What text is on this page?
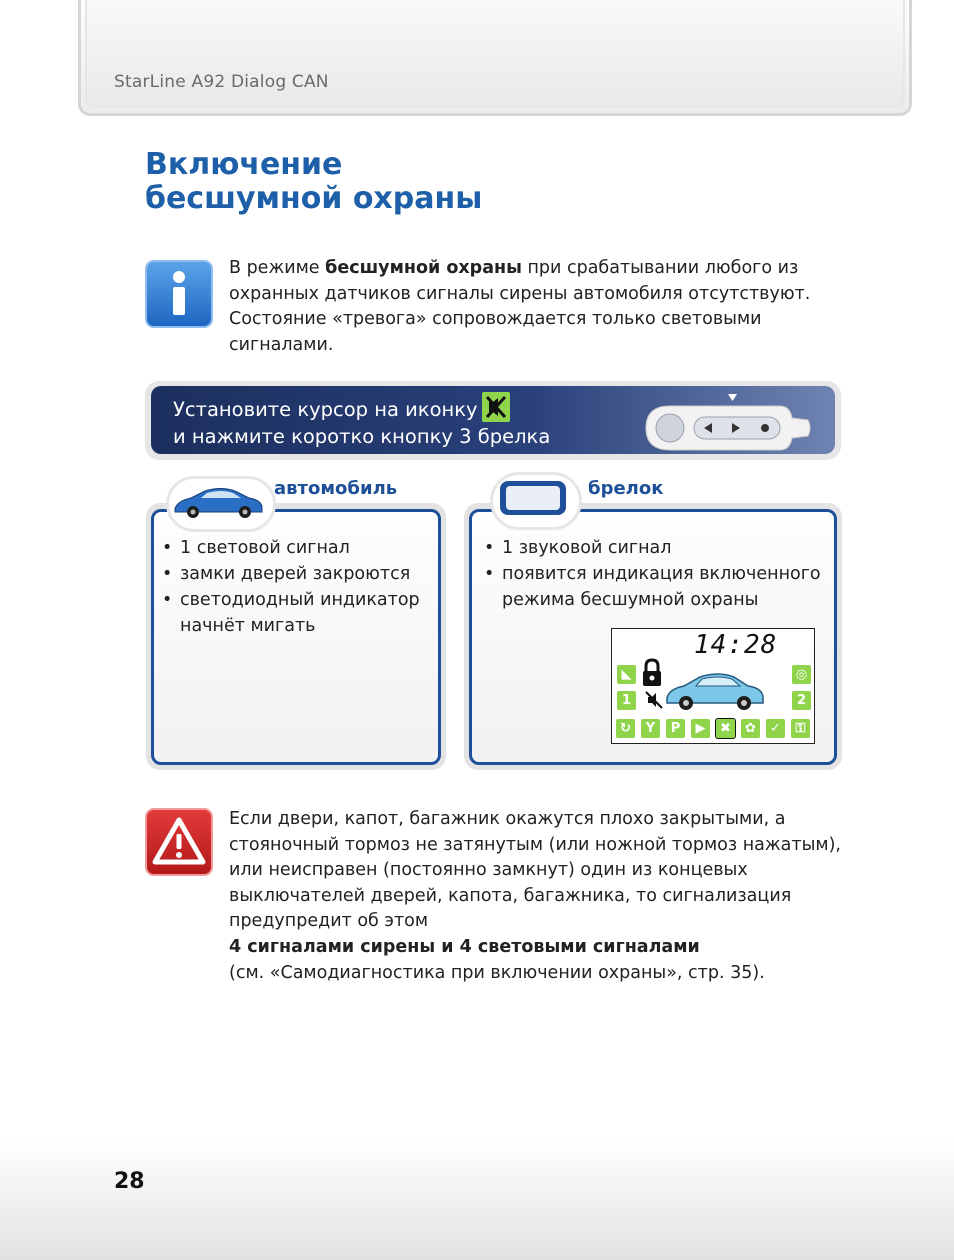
StarLine A92 Dialog CAN
Включение
бесшумной охраны
В режиме бесшумной охраны при срабатывании любого из охранных датчиков сигналы сирены автомобиля отсутствуют. Состояние «тревога» сопровождается только световыми сигналами.
Установите курсор на иконку
и нажмите коротко кнопку 3 брелка
автомобиль
• 1 световой сигнал
• замки дверей закроются
• светодиодный индикатор начнёт мигать
брелок
• 1 звуковой сигнал
• появится индикация включенного режима бесшумной охраны
14:28
◣
1
◎
2
↻	Y	P	▶	✖	✿	✓	⚿
Если двери, капот, багажник окажутся плохо закрытыми, а стояночный тормоз не затянутым (или ножной тормоз нажатым), или неисправен (постоянно замкнут) один из концевых выключателей дверей, капота, багажника, то сигнализация предупредит об этом
4 сигналами сирены и 4 световыми сигналами
(см. «Самодиагностика при включении охраны», стр. 35).
28
